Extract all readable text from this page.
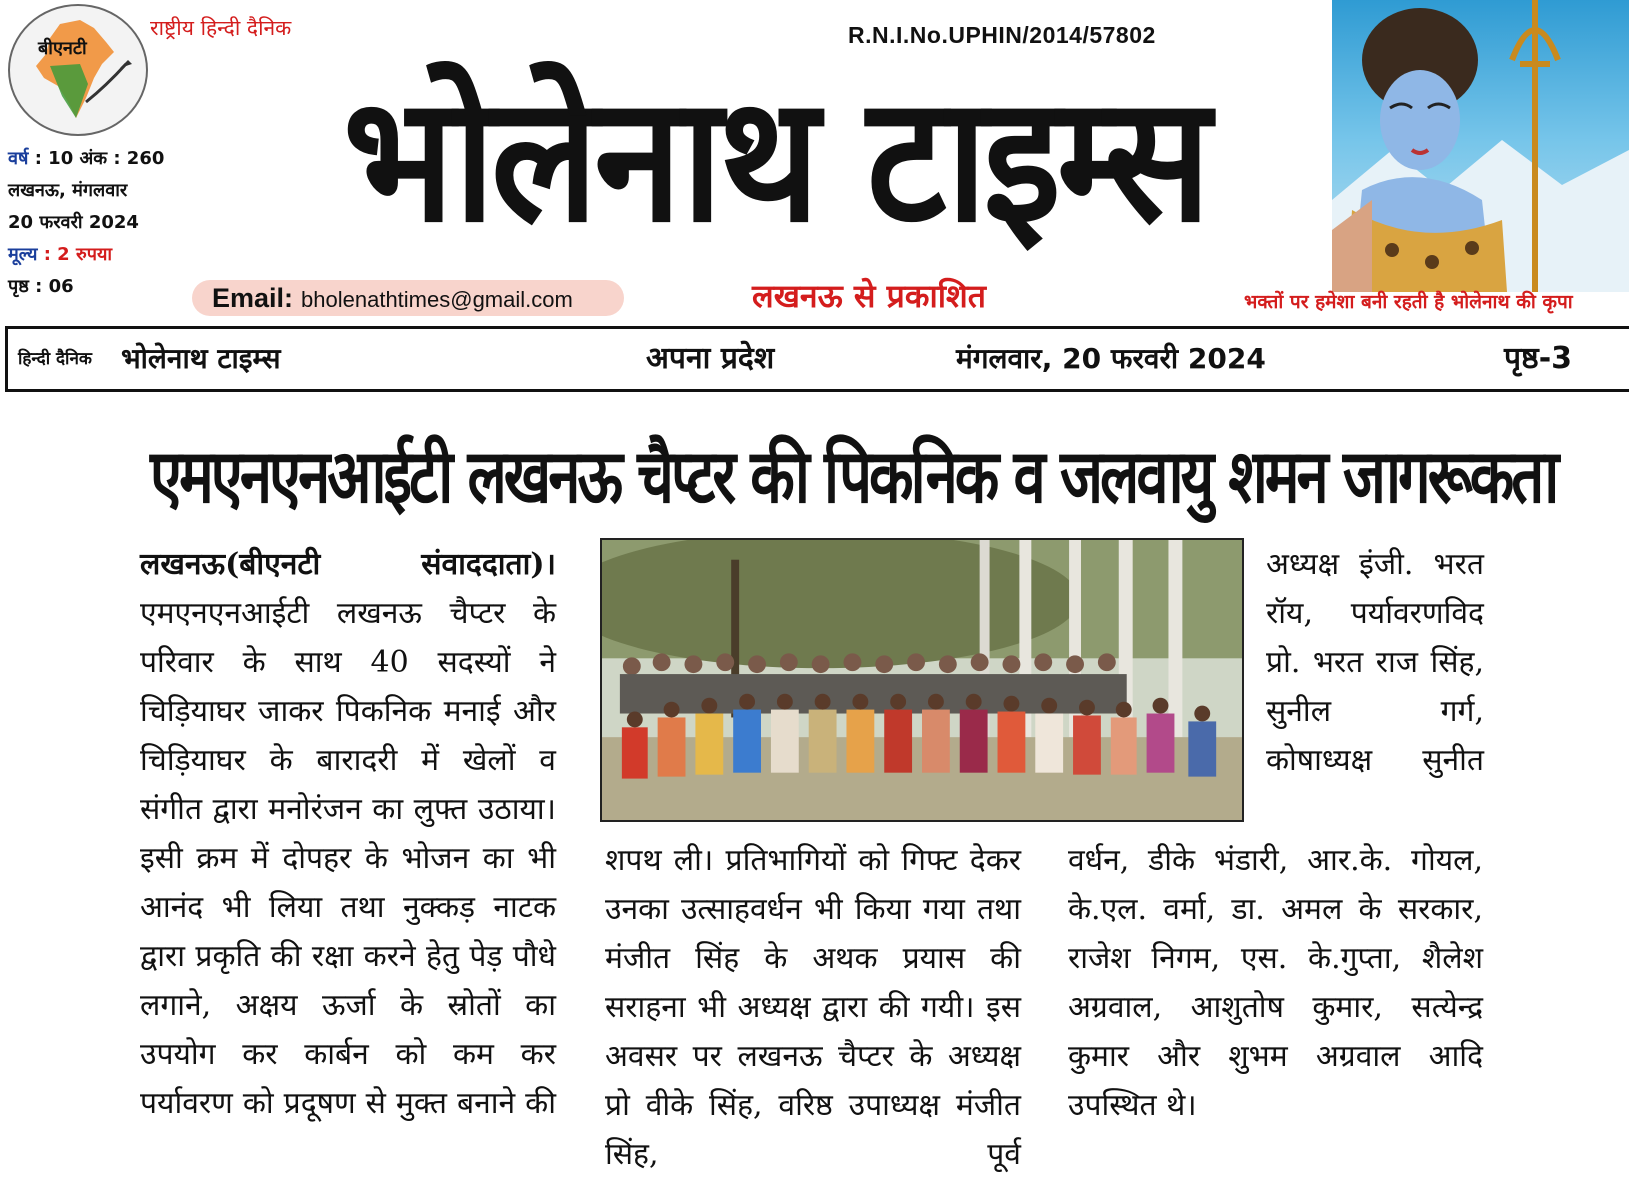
बीएनटी
राष्ट्रीय हिन्दी दैनिक
वर्ष : 10 अंक : 260
लखनऊ, मंगलवार
20 फरवरी 2024
मूल्य : 2 रुपया
पृष्ठ : 06
R.N.I.No.UPHIN/2014/57802
भोलेनाथ टाइम्स
Email: bholenathtimes@gmail.com	लखनऊ से प्रकाशित	भक्तों पर हमेशा बनी रहती है भोलेनाथ की कृपा
हिन्दी दैनिक भोलेनाथ टाइम्स	अपना प्रदेश	मंगलवार, 20 फरवरी 2024	पृष्ठ-3
एमएनएनआईटी लखनऊ चैप्टर की पिकनिक व जलवायु शमन जागरूकता

लखनऊ(बीएनटी संवाददाता)। एमएनएनआईटी लखनऊ चैप्टर के परिवार के साथ 40 सदस्यों ने चिड़ियाघर जाकर पिकनिक मनाई और चिड़ियाघर के बारादरी में खेलों व संगीत द्वारा मनोरंजन का लुफ्त उठाया। इसी क्रम में दोपहर के भोजन का भी आनंद भी लिया तथा नुक्कड़ नाटक द्वारा प्रकृति की रक्षा करने हेतु पेड़ पौधे लगाने, अक्षय ऊर्जा के स्रोतों का उपयोग कर कार्बन को कम कर पर्यावरण को प्रदूषण से मुक्त बनाने की

अध्यक्ष इंजी. भरत रॉय, पर्यावरणविद प्रो. भरत राज सिंह, सुनील गर्ग, कोषाध्यक्ष सुनीत

शपथ ली। प्रतिभागियों को गिफ्ट देकर उनका उत्साहवर्धन भी किया गया तथा मंजीत सिंह के अथक प्रयास की सराहना भी अध्यक्ष द्वारा की गयी। इस अवसर पर लखनऊ चैप्टर के अध्यक्ष प्रो वीके सिंह, वरिष्ठ उपाध्यक्ष मंजीत सिंह, पूर्व

वर्धन, डीके भंडारी, आर.के. गोयल, के.एल. वर्मा, डा. अमल के सरकार, राजेश निगम, एस. के.गुप्ता, शैलेश अग्रवाल, आशुतोष कुमार, सत्येन्द्र कुमार और शुभम अग्रवाल आदि उपस्थित थे।
